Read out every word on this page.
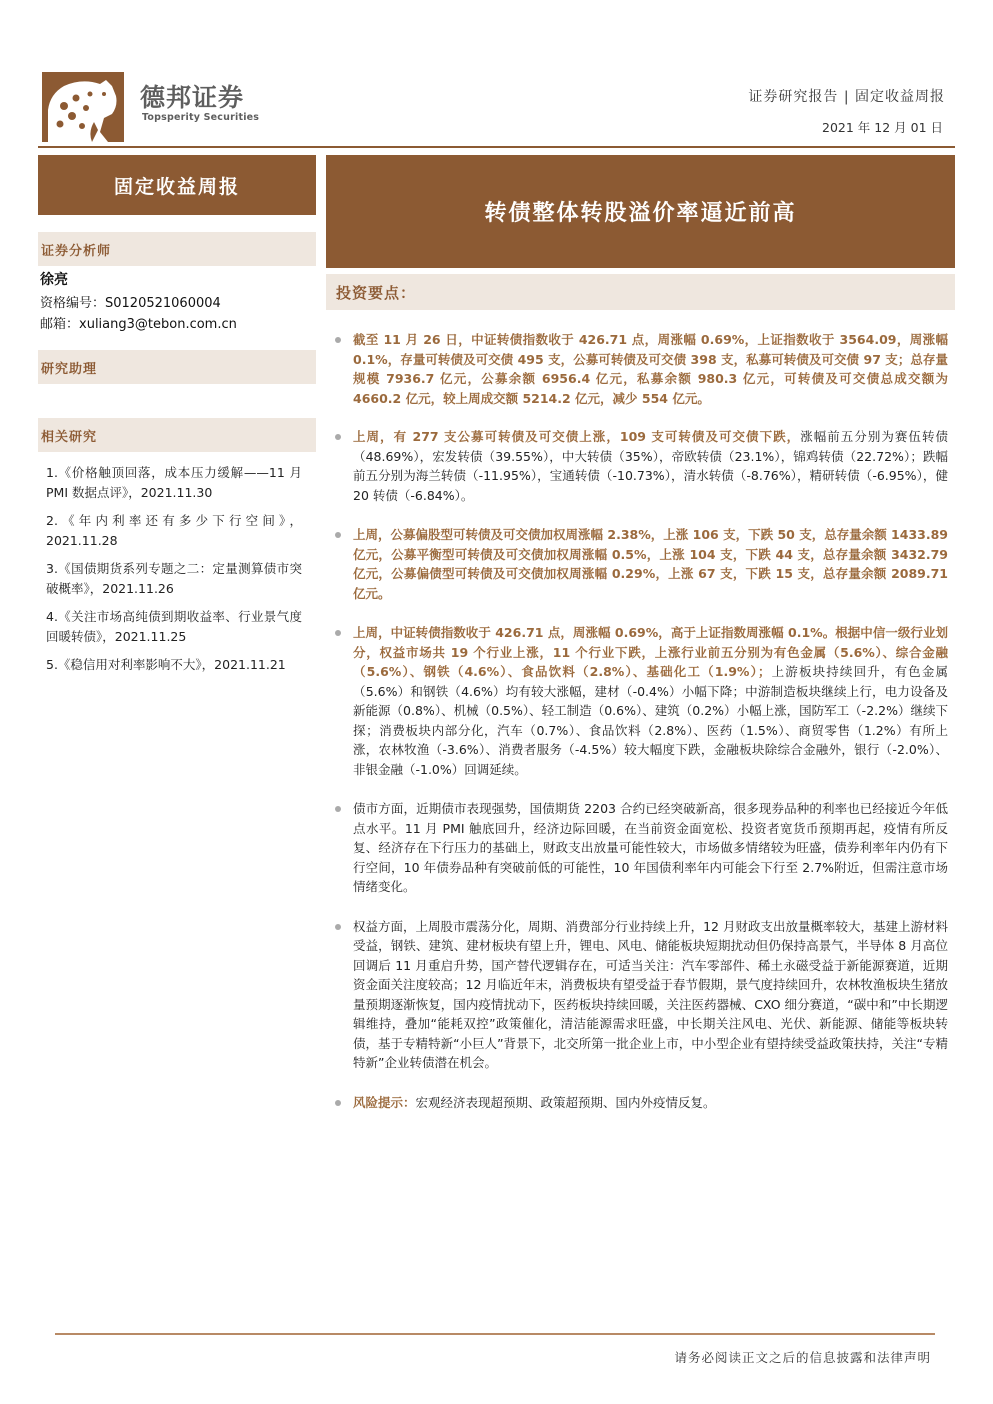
德邦证券
Topsperity Securities
证券研究报告 | 固定收益周报
2021 年 12 月 01 日
固定收益周报
转债整体转股溢价率逼近前高
证券分析师
徐亮
资格编号：S0120521060004
邮箱：xuliang3@tebon.com.cn
研究助理
相关研究
1.《价格触顶回落，成本压力缓解——11 月 PMI 数据点评》，2021.11.30
2.《年内利率还有多少下行空间》，2021.11.28
3.《国债期货系列专题之二：定量测算债市突破概率》，2021.11.26
4.《关注市场高纯债到期收益率、行业景气度回暖转债》，2021.11.25
5.《稳信用对利率影响不大》，2021.11.21
投资要点：
截至 11 月 26 日，中证转债指数收于 426.71 点，周涨幅 0.69%，上证指数收于 3564.09，周涨幅 0.1%，存量可转债及可交债 495 支，公募可转债及可交债 398 支，私募可转债及可交债 97 支；总存量规模 7936.7 亿元，公募余额 6956.4 亿元，私募余额 980.3 亿元，可转债及可交债总成交额为 4660.2 亿元，较上周成交额 5214.2 亿元，减少 554 亿元。
上周，有 277 支公募可转债及可交债上涨，109 支可转债及可交债下跌，涨幅前五分别为赛伍转债（48.69%），宏发转债（39.55%），中大转债（35%），帝欧转债（23.1%），锦鸡转债（22.72%）；跌幅前五分别为海兰转债（-11.95%），宝通转债（-10.73%），清水转债（-8.76%），精研转债（-6.95%），健 20 转债（-6.84%）。
上周，公募偏股型可转债及可交债加权周涨幅 2.38%，上涨 106 支，下跌 50 支，总存量余额 1433.89 亿元，公募平衡型可转债及可交债加权周涨幅 0.5%，上涨 104 支，下跌 44 支，总存量余额 3432.79 亿元，公募偏债型可转债及可交债加权周涨幅 0.29%，上涨 67 支，下跌 15 支，总存量余额 2089.71 亿元。
上周，中证转债指数收于 426.71 点，周涨幅 0.69%，高于上证指数周涨幅 0.1%。根据中信一级行业划分，权益市场共 19 个行业上涨，11 个行业下跌，上涨行业前五分别为有色金属（5.6%）、综合金融（5.6%）、钢铁（4.6%）、食品饮料（2.8%）、基础化工（1.9%）；上游板块持续回升，有色金属（5.6%）和钢铁（4.6%）均有较大涨幅，建材（-0.4%）小幅下降；中游制造板块继续上行，电力设备及新能源（0.8%）、机械（0.5%）、轻工制造（0.6%）、建筑（0.2%）小幅上涨，国防军工（-2.2%）继续下探；消费板块内部分化，汽车（0.7%）、食品饮料（2.8%）、医药（1.5%）、商贸零售（1.2%）有所上涨，农林牧渔（-3.6%）、消费者服务（-4.5%）较大幅度下跌，金融板块除综合金融外，银行（-2.0%）、非银金融（-1.0%）回调延续。
债市方面，近期债市表现强势，国债期货 2203 合约已经突破新高，很多现券品种的利率也已经接近今年低点水平。11 月 PMI 触底回升，经济边际回暖，在当前资金面宽松、投资者宽货币预期再起，疫情有所反复、经济存在下行压力的基础上，财政支出放量可能性较大，市场做多情绪较为旺盛，债券利率年内仍有下行空间，10 年债券品种有突破前低的可能性，10 年国债利率年内可能会下行至 2.7%附近，但需注意市场情绪变化。
权益方面，上周股市震荡分化，周期、消费部分行业持续上升，12 月财政支出放量概率较大，基建上游材料受益，钢铁、建筑、建材板块有望上升，锂电、风电、储能板块短期扰动但仍保持高景气，半导体 8 月高位回调后 11 月重启升势，国产替代逻辑存在，可适当关注：汽车零部件、稀土永磁受益于新能源赛道，近期资金面关注度较高；12 月临近年末，消费板块有望受益于春节假期，景气度持续回升，农林牧渔板块生猪放量预期逐渐恢复，国内疫情扰动下，医药板块持续回暖，关注医药器械、CXO 细分赛道，“碳中和”中长期逻辑维持，叠加“能耗双控”政策催化，清洁能源需求旺盛，中长期关注风电、光伏、新能源、储能等板块转债，基于专精特新“小巨人”背景下，北交所第一批企业上市，中小型企业有望持续受益政策扶持，关注“专精特新”企业转债潜在机会。
风险提示：宏观经济表现超预期、政策超预期、国内外疫情反复。
请务必阅读正文之后的信息披露和法律声明
